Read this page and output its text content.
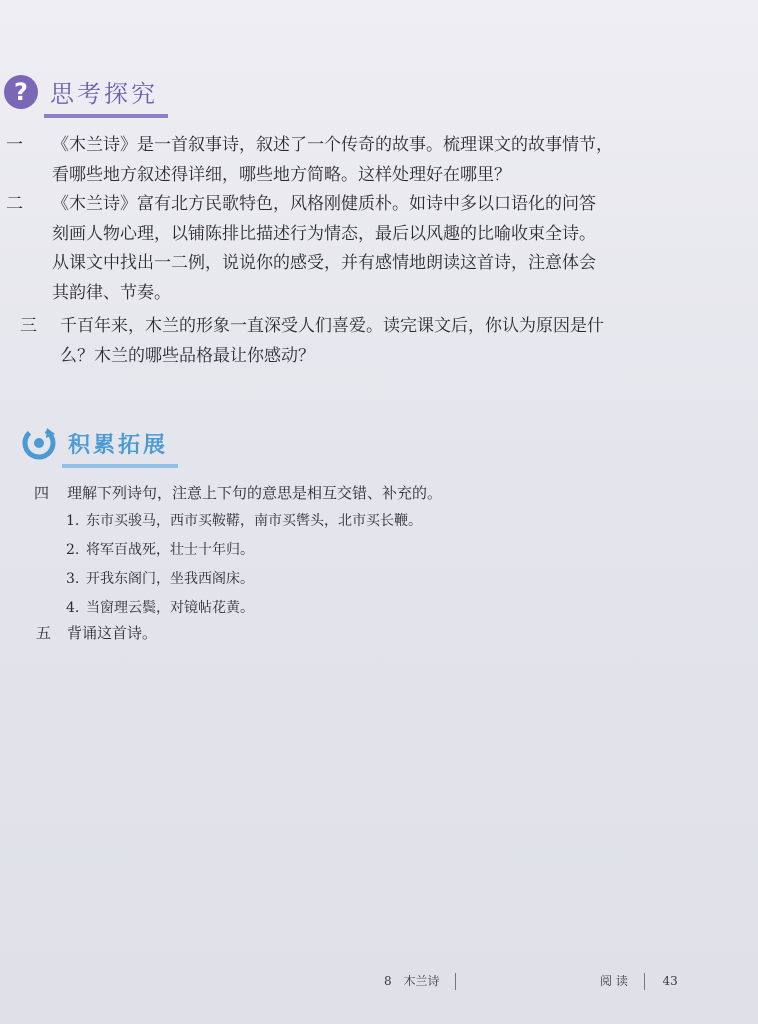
? 思考探究
一 《木兰诗》是一首叙事诗，叙述了一个传奇的故事。梳理课文的故事情节，
看哪些地方叙述得详细，哪些地方简略。这样处理好在哪里？
二 《木兰诗》富有北方民歌特色，风格刚健质朴。如诗中多以口语化的问答
刻画人物心理，以铺陈排比描述行为情态，最后以风趣的比喻收束全诗。
从课文中找出一二例，说说你的感受，并有感情地朗读这首诗，注意体会
其韵律、节奏。
三 千百年来，木兰的形象一直深受人们喜爱。读完课文后，你认为原因是什
么？木兰的哪些品格最让你感动？
积累拓展
四 理解下列诗句，注意上下句的意思是相互交错、补充的。
1. 东市买骏马，西市买鞍鞯，南市买辔头，北市买长鞭。
2. 将军百战死，壮士十年归。
3. 开我东阁门，坐我西阁床。
4. 当窗理云鬓，对镜帖花黄。
五 背诵这首诗。
8 木兰诗	阅 读	43
